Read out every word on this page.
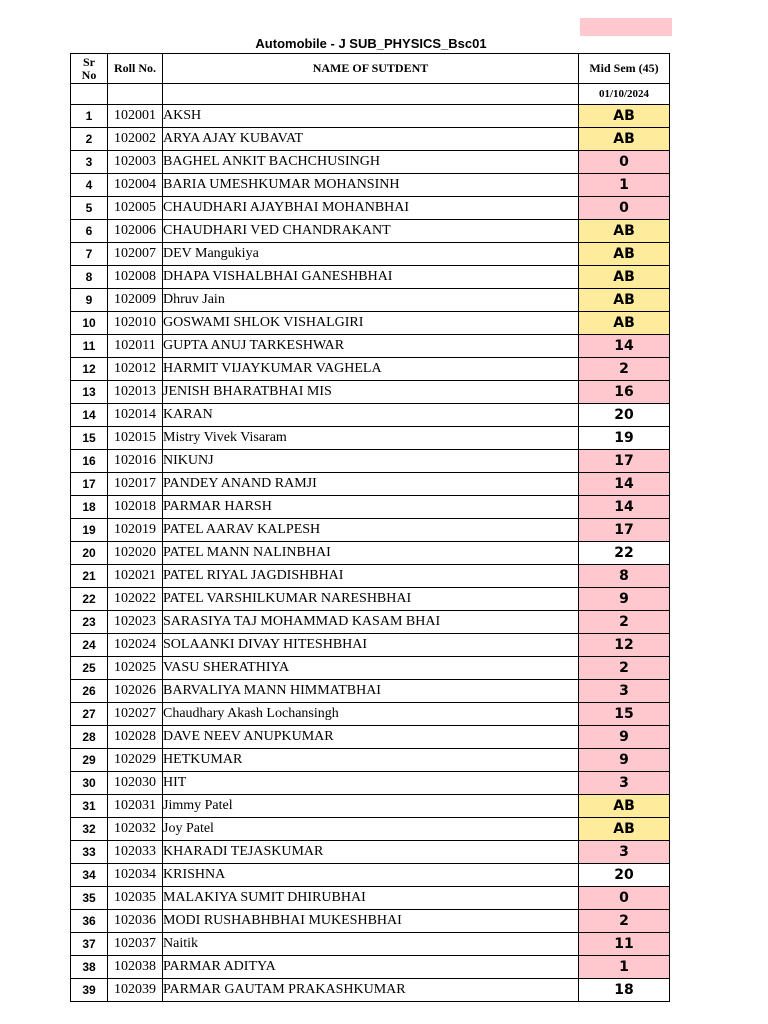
Automobile - J SUB_PHYSICS_Bsc01
Sr No	Roll No.	NAME OF SUTDENT	Mid Sem (45)
			01/10/2024
1	102001	AKSH	AB
2	102002	ARYA AJAY KUBAVAT	AB
3	102003	BAGHEL ANKIT BACHCHUSINGH	0
4	102004	BARIA UMESHKUMAR MOHANSINH	1
5	102005	CHAUDHARI AJAYBHAI MOHANBHAI	0
6	102006	CHAUDHARI VED CHANDRAKANT	AB
7	102007	DEV Mangukiya	AB
8	102008	DHAPA VISHALBHAI GANESHBHAI	AB
9	102009	Dhruv Jain	AB
10	102010	GOSWAMI SHLOK VISHALGIRI	AB
11	102011	GUPTA ANUJ TARKESHWAR	14
12	102012	HARMIT VIJAYKUMAR VAGHELA	2
13	102013	JENISH BHARATBHAI MIS	16
14	102014	KARAN	20
15	102015	Mistry Vivek Visaram	19
16	102016	NIKUNJ	17
17	102017	PANDEY ANAND RAMJI	14
18	102018	PARMAR HARSH	14
19	102019	PATEL AARAV KALPESH	17
20	102020	PATEL MANN NALINBHAI	22
21	102021	PATEL RIYAL JAGDISHBHAI	8
22	102022	PATEL VARSHILKUMAR NARESHBHAI	9
23	102023	SARASIYA TAJ MOHAMMAD KASAM BHAI	2
24	102024	SOLAANKI DIVAY HITESHBHAI	12
25	102025	VASU SHERATHIYA	2
26	102026	BARVALIYA MANN HIMMATBHAI	3
27	102027	Chaudhary Akash Lochansingh	15
28	102028	DAVE NEEV ANUPKUMAR	9
29	102029	HETKUMAR	9
30	102030	HIT	3
31	102031	Jimmy Patel	AB
32	102032	Joy Patel	AB
33	102033	KHARADI TEJASKUMAR	3
34	102034	KRISHNA	20
35	102035	MALAKIYA SUMIT DHIRUBHAI	0
36	102036	MODI RUSHABHBHAI MUKESHBHAI	2
37	102037	Naitik	11
38	102038	PARMAR ADITYA	1
39	102039	PARMAR GAUTAM PRAKASHKUMAR	18
